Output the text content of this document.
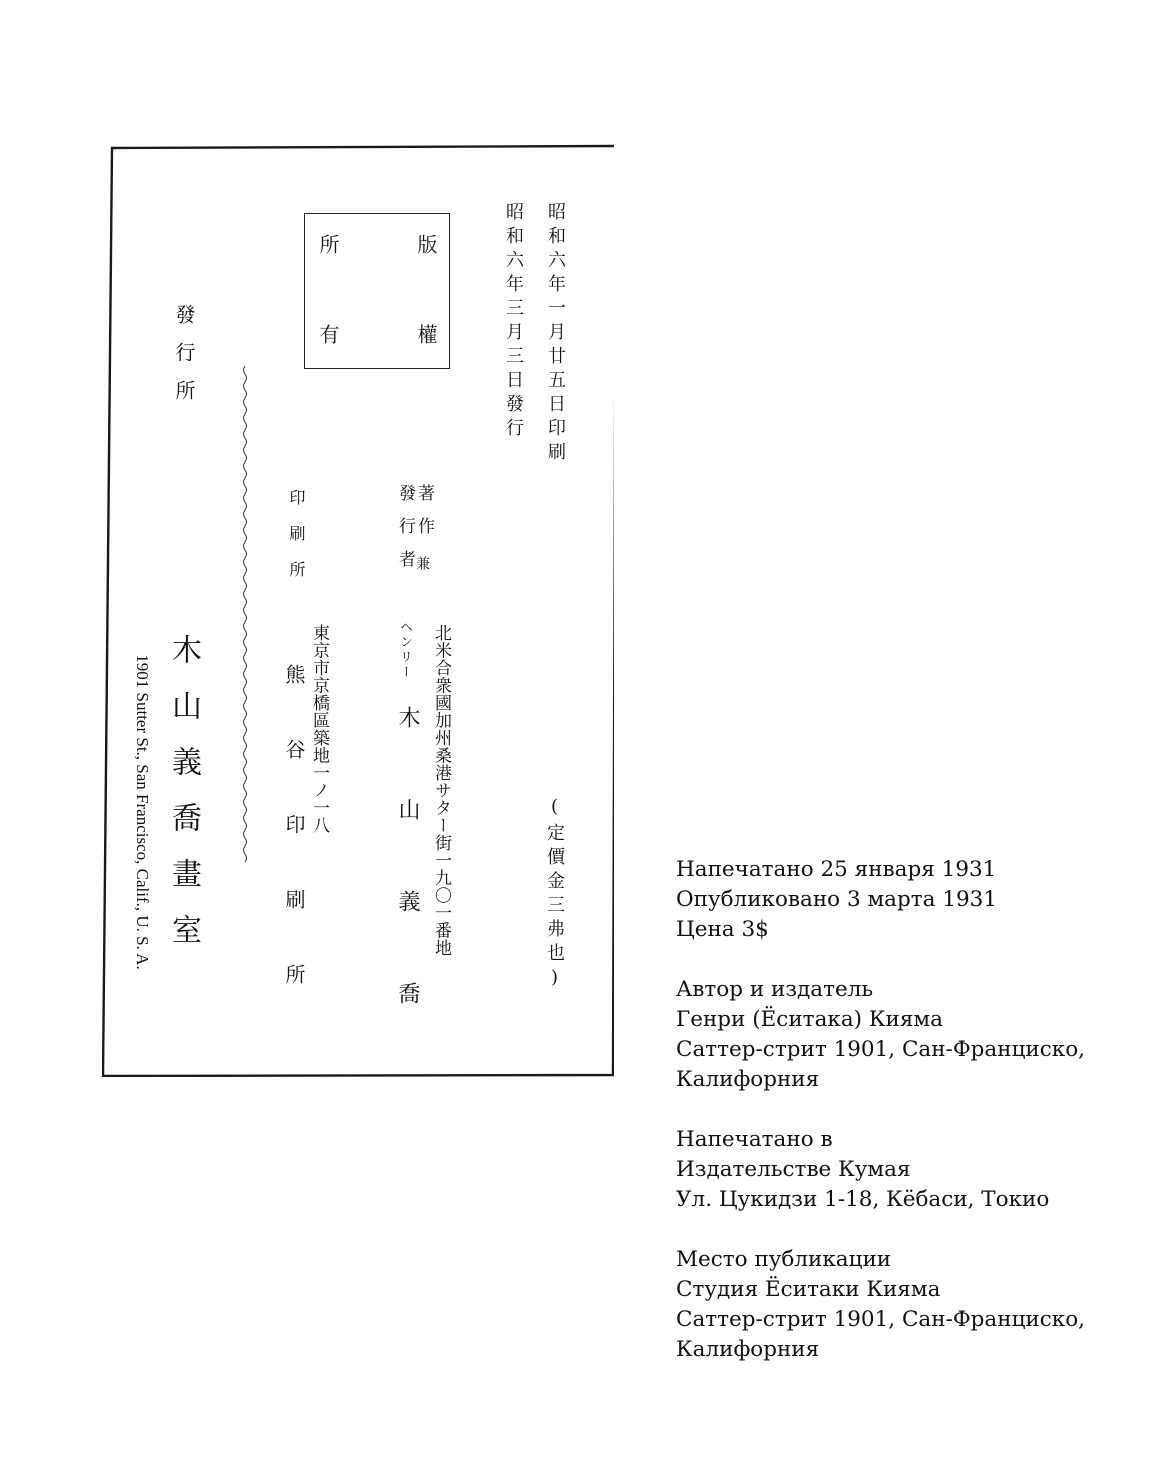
昭和六年一月廿五日印刷
昭和六年三月三日發行
版權
所有
(定價金三弗也)
著作
發行者 兼
北米合衆國加州桑港サター街一九〇一番地
ヘンリー
木山義喬
印刷所
東京市京橋區築地一ノ一八
熊谷印刷所
發行所
木山義喬畫室
1901 Sutter St., San Francisco, Calif., U. S. A.	Напечатано 25 января 1931
Опубликовано 3 марта 1931
Цена 3$
Автор и издатель
Генри (Ёситака) Кияма
Саттер-стрит 1901, Сан-Франциско,
Калифорния
Напечатано в
Издательстве Кумая
Ул. Цукидзи 1-18, Кёбаси, Токио
Место публикации
Студия Ёситаки Кияма
Саттер-стрит 1901, Сан-Франциско,
Калифорния
